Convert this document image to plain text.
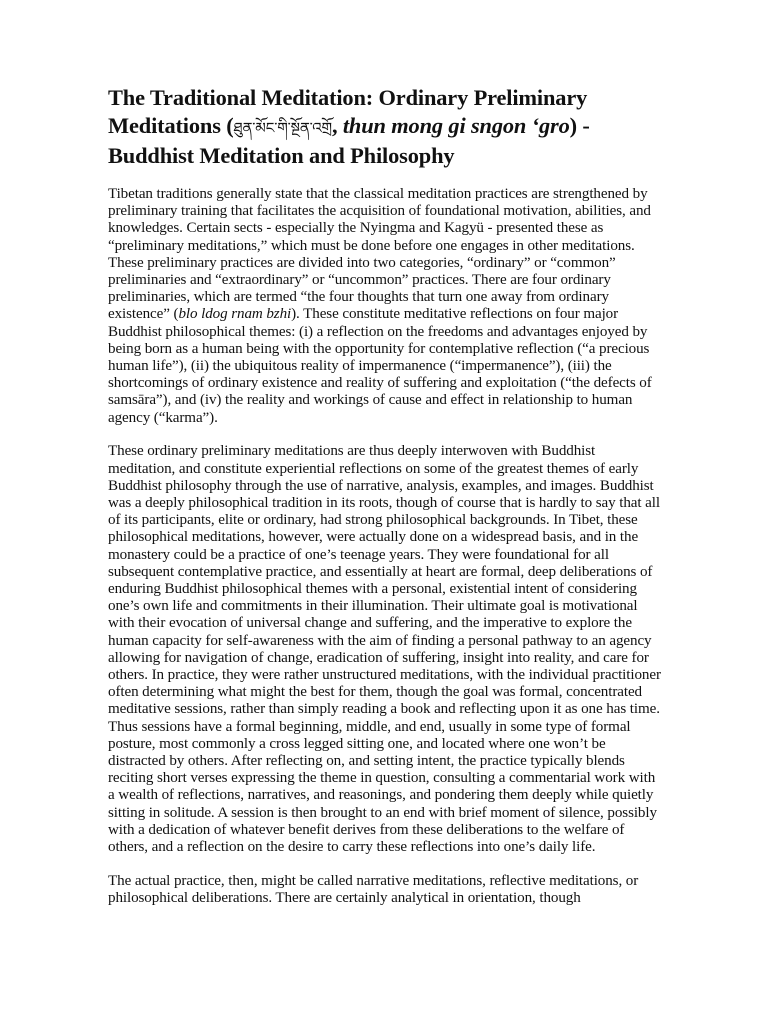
The Traditional Meditation: Ordinary Preliminary Meditations (ཐུན་མོང་གི་སྔོན་འགྲོ, thun mong gi sngon ‘gro) - Buddhist Meditation and Philosophy

Tibetan traditions generally state that the classical meditation practices are strengthened by preliminary training that facilitates the acquisition of foundational motivation, abilities, and knowledges. Certain sects - especially the Nyingma and Kagyü - presented these as “preliminary meditations,” which must be done before one engages in other meditations. These preliminary practices are divided into two categories, “ordinary” or “common” preliminaries and “extraordinary” or “uncommon” practices. There are four ordinary preliminaries, which are termed “the four thoughts that turn one away from ordinary existence” (blo ldog rnam bzhi). These constitute meditative reflections on four major Buddhist philosophical themes: (i) a reflection on the freedoms and advantages enjoyed by being born as a human being with the opportunity for contemplative reflection (“a precious human life”), (ii) the ubiquitous reality of impermanence (“impermanence”), (iii) the shortcomings of ordinary existence and reality of suffering and exploitation (“the defects of samsāra”), and (iv) the reality and workings of cause and effect in relationship to human agency (“karma”).

These ordinary preliminary meditations are thus deeply interwoven with Buddhist meditation, and constitute experiential reflections on some of the greatest themes of early Buddhist philosophy through the use of narrative, analysis, examples, and images. Buddhist was a deeply philosophical tradition in its roots, though of course that is hardly to say that all of its participants, elite or ordinary, had strong philosophical backgrounds. In Tibet, these philosophical meditations, however, were actually done on a widespread basis, and in the monastery could be a practice of one’s teenage years. They were foundational for all subsequent contemplative practice, and essentially at heart are formal, deep deliberations of enduring Buddhist philosophical themes with a personal, existential intent of considering one’s own life and commitments in their illumination. Their ultimate goal is motivational with their evocation of universal change and suffering, and the imperative to explore the human capacity for self-awareness with the aim of finding a personal pathway to an agency allowing for navigation of change, eradication of suffering, insight into reality, and care for others. In practice, they were rather unstructured meditations, with the individual practitioner often determining what might the best for them, though the goal was formal, concentrated meditative sessions, rather than simply reading a book and reflecting upon it as one has time. Thus sessions have a formal beginning, middle, and end, usually in some type of formal posture, most commonly a cross legged sitting one, and located where one won’t be distracted by others. After reflecting on, and setting intent, the practice typically blends reciting short verses expressing the theme in question, consulting a commentarial work with a wealth of reflections, narratives, and reasonings, and pondering them deeply while quietly sitting in solitude. A session is then brought to an end with brief moment of silence, possibly with a dedication of whatever benefit derives from these deliberations to the welfare of others, and a reflection on the desire to carry these reflections into one’s daily life.

The actual practice, then, might be called narrative meditations, reflective meditations, or philosophical deliberations. There are certainly analytical in orientation, though
